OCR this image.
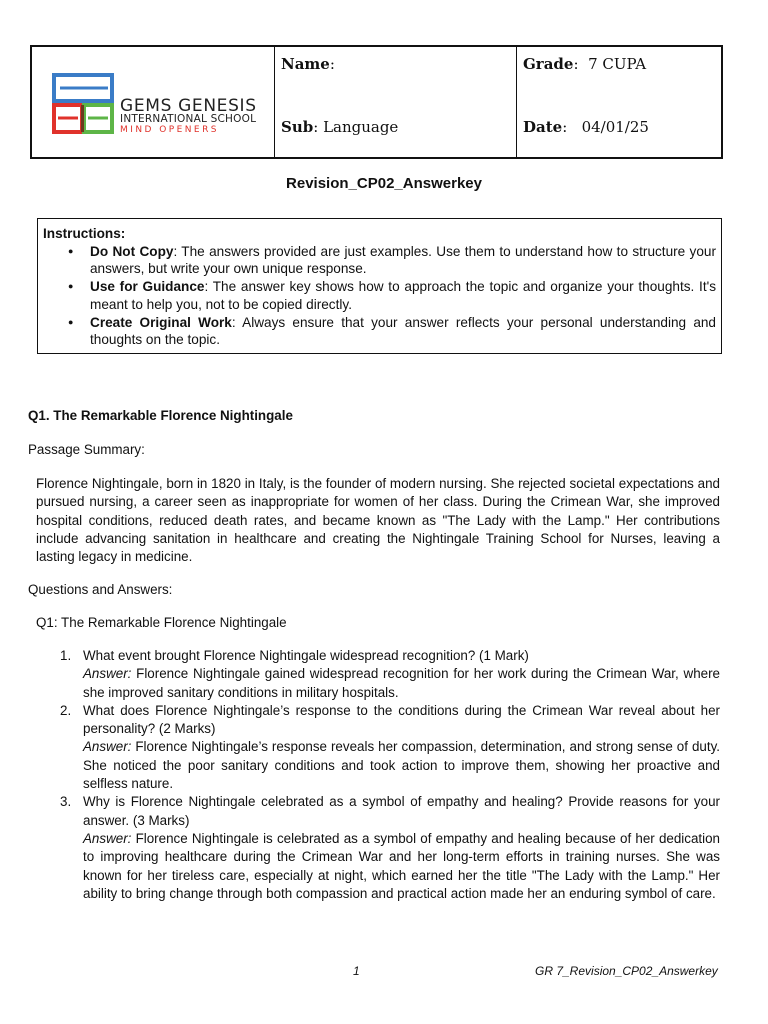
GEMS GENESIS
INTERNATIONAL SCHOOL
MIND OPENERS
Name:
Sub: Language
Grade:  7 CUPA
Date:   04/01/25
Revision_CP02_Answerkey
Instructions:
● Do Not Copy: The answers provided are just examples. Use them to understand how to structure your answers, but write your own unique response.
● Use for Guidance: The answer key shows how to approach the topic and organize your thoughts. It's meant to help you, not to be copied directly.
● Create Original Work: Always ensure that your answer reflects your personal understanding and thoughts on the topic.
Q1. The Remarkable Florence Nightingale
Passage Summary:
Florence Nightingale, born in 1820 in Italy, is the founder of modern nursing. She rejected societal expectations and pursued nursing, a career seen as inappropriate for women of her class. During the Crimean War, she improved hospital conditions, reduced death rates, and became known as "The Lady with the Lamp." Her contributions include advancing sanitation in healthcare and creating the Nightingale Training School for Nurses, leaving a lasting legacy in medicine.
Questions and Answers:
Q1: The Remarkable Florence Nightingale
1. What event brought Florence Nightingale widespread recognition? (1 Mark)
Answer: Florence Nightingale gained widespread recognition for her work during the Crimean War, where she improved sanitary conditions in military hospitals.
2. What does Florence Nightingale’s response to the conditions during the Crimean War reveal about her personality? (2 Marks)
Answer: Florence Nightingale’s response reveals her compassion, determination, and strong sense of duty. She noticed the poor sanitary conditions and took action to improve them, showing her proactive and selfless nature.
3. Why is Florence Nightingale celebrated as a symbol of empathy and healing? Provide reasons for your answer. (3 Marks)
Answer: Florence Nightingale is celebrated as a symbol of empathy and healing because of her dedication to improving healthcare during the Crimean War and her long-term efforts in training nurses. She was known for her tireless care, especially at night, which earned her the title "The Lady with the Lamp." Her ability to bring change through both compassion and practical action made her an enduring symbol of care.
1	GR 7_Revision_CP02_Answerkey
